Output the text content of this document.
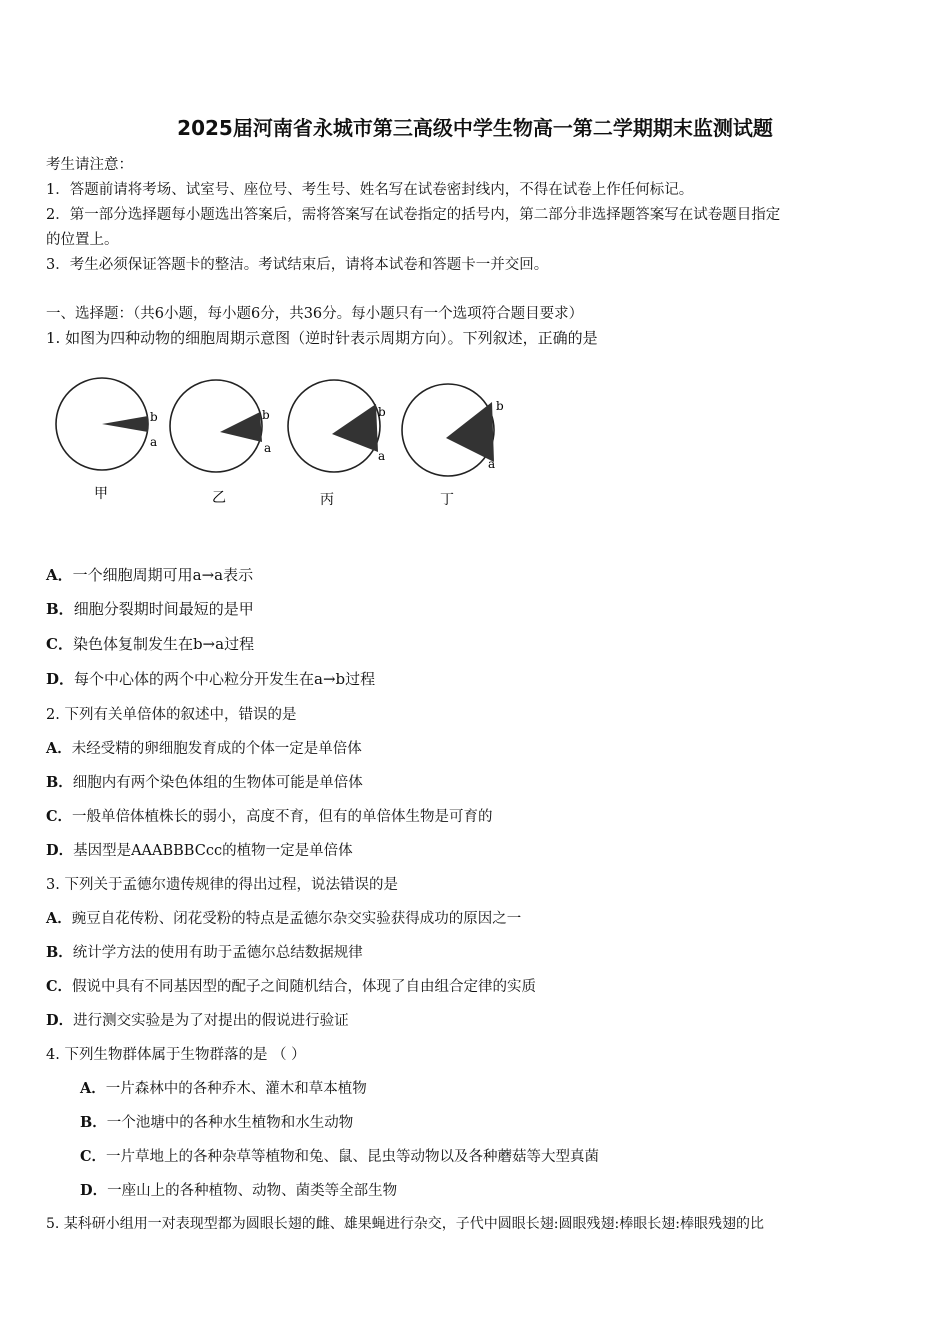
2025届河南省永城市第三高级中学生物高一第二学期期末监测试题
考生请注意：
1．答题前请将考场、试室号、座位号、考生号、姓名写在试卷密封线内，不得在试卷上作任何标记。
2．第一部分选择题每小题选出答案后，需将答案写在试卷指定的括号内，第二部分非选择题答案写在试卷题目指定
的位置上。
3．考生必须保证答题卡的整洁。考试结束后，请将本试卷和答题卡一并交回。
一、选择题：（共6小题，每小题6分，共36分。每小题只有一个选项符合题目要求）
1. 如图为四种动物的细胞周期示意图（逆时针表示周期方向）。下列叙述，正确的是
b
a
甲
b
a
乙
b
a
丙
b
a
丁
A．一个细胞周期可用a→a表示
B．细胞分裂期时间最短的是甲
C．染色体复制发生在b→a过程
D．每个中心体的两个中心粒分开发生在a→b过程
2. 下列有关单倍体的叙述中，错误的是
A．未经受精的卵细胞发育成的个体一定是单倍体
B．细胞内有两个染色体组的生物体可能是单倍体
C．一般单倍体植株长的弱小，高度不育，但有的单倍体生物是可育的
D．基因型是AAABBBCcc的植物一定是单倍体
3. 下列关于孟德尔遗传规律的得出过程，说法错误的是
A．豌豆自花传粉、闭花受粉的特点是孟德尔杂交实验获得成功的原因之一
B．统计学方法的使用有助于孟德尔总结数据规律
C．假说中具有不同基因型的配子之间随机结合，体现了自由组合定律的实质
D．进行测交实验是为了对提出的假说进行验证
4. 下列生物群体属于生物群落的是 （ ）
A．一片森林中的各种乔木、灌木和草本植物
B．一个池塘中的各种水生植物和水生动物
C．一片草地上的各种杂草等植物和兔、鼠、昆虫等动物以及各种蘑菇等大型真菌
D．一座山上的各种植物、动物、菌类等全部生物
5. 某科研小组用一对表现型都为圆眼长翅的雌、雄果蝇进行杂交，子代中圆眼长翅:圆眼残翅:棒眼长翅:棒眼残翅的比
